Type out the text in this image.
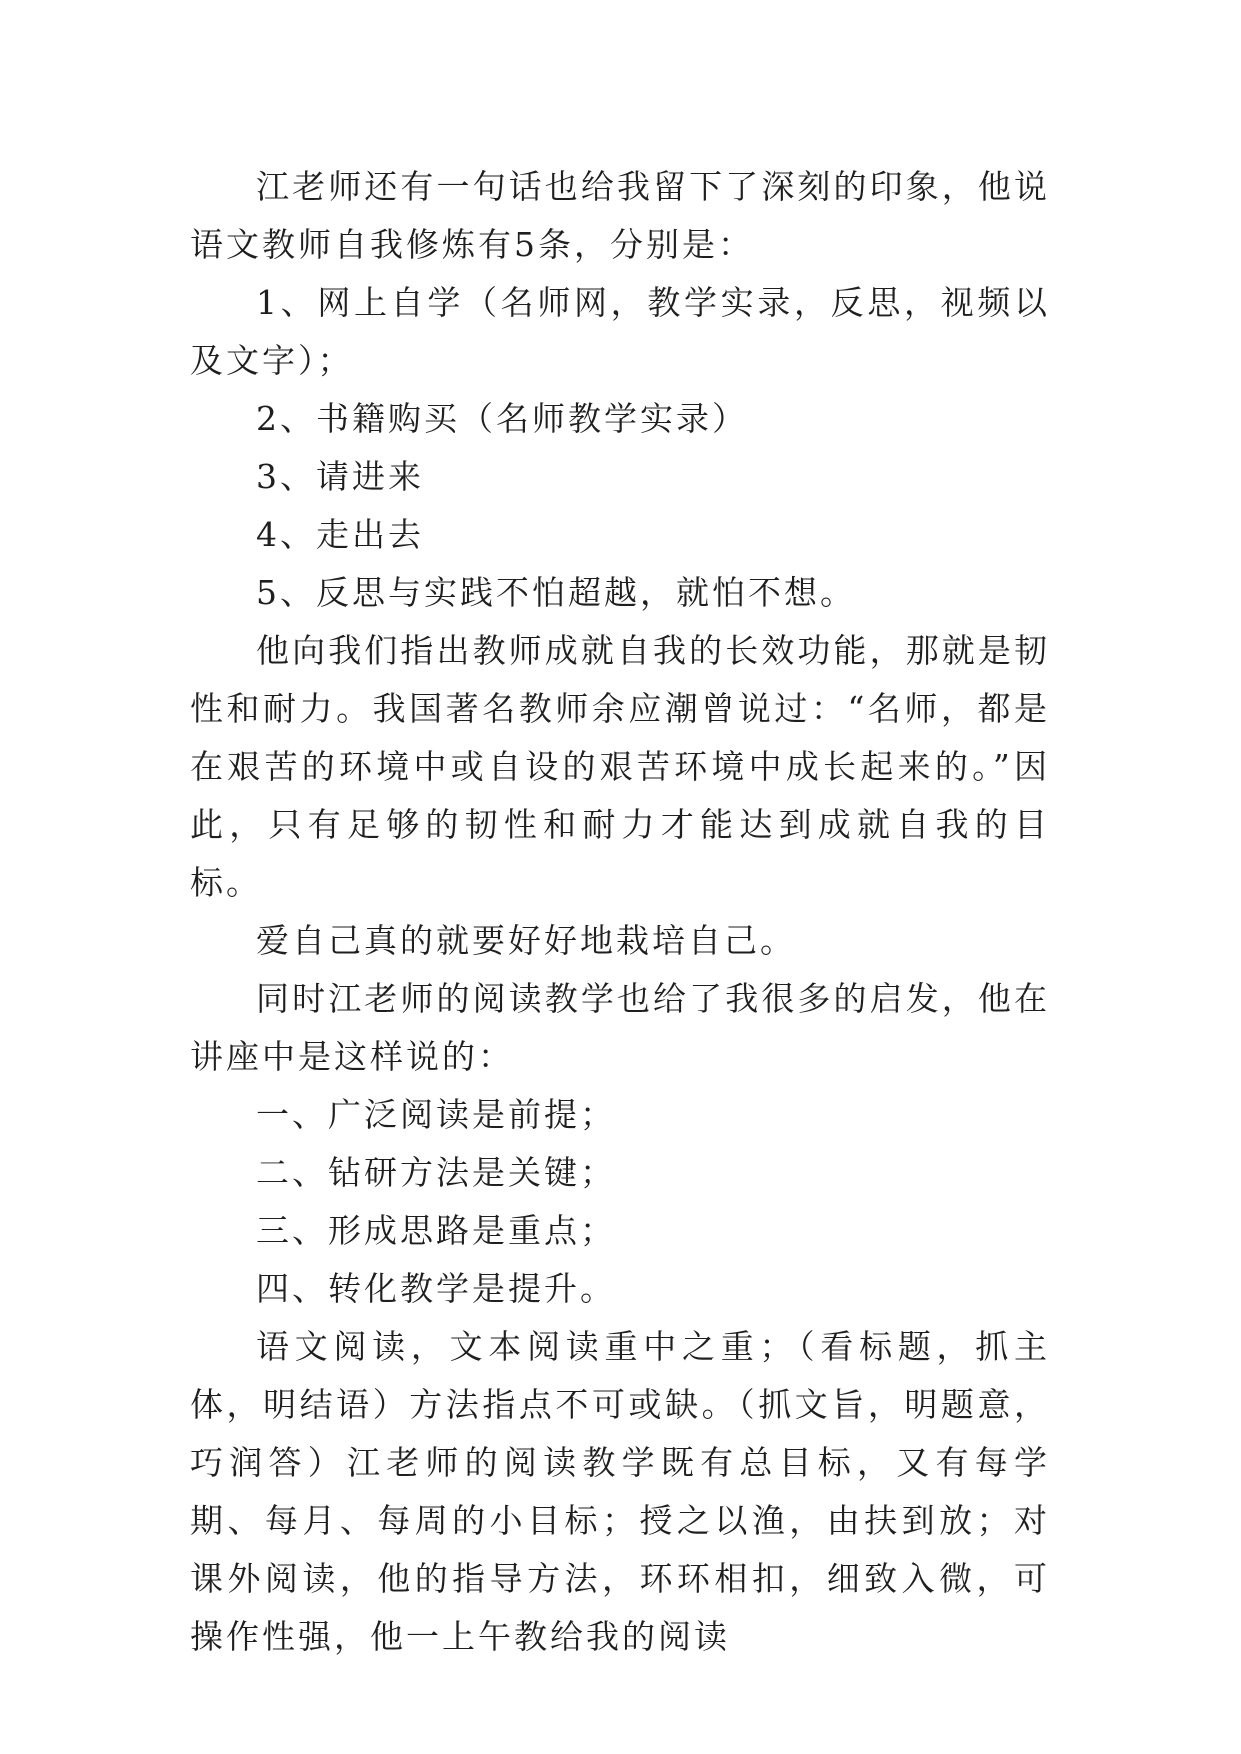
江老师还有一句话也给我留下了深刻的印象，他说语文教师自我修炼有5条，分别是：

1、网上自学（名师网，教学实录，反思，视频以及文字）；

2、书籍购买（名师教学实录）

3、请进来

4、走出去

5、反思与实践不怕超越，就怕不想。

他向我们指出教师成就自我的长效功能，那就是韧性和耐力。我国著名教师余应潮曾说过：“名师，都是在艰苦的环境中或自设的艰苦环境中成长起来的。”因此，只有足够的韧性和耐力才能达到成就自我的目标。

爱自己真的就要好好地栽培自己。

同时江老师的阅读教学也给了我很多的启发，他在讲座中是这样说的：

一、广泛阅读是前提；

二、钻研方法是关键；

三、形成思路是重点；

四、转化教学是提升。

语文阅读，文本阅读重中之重；（看标题，抓主体，明结语）方法指点不可或缺。（抓文旨，明题意，巧润答）江老师的阅读教学既有总目标，又有每学期、每月、每周的小目标；授之以渔，由扶到放；对课外阅读，他的指导方法，环环相扣，细致入微，可操作性强，他一上午教给我的阅读
